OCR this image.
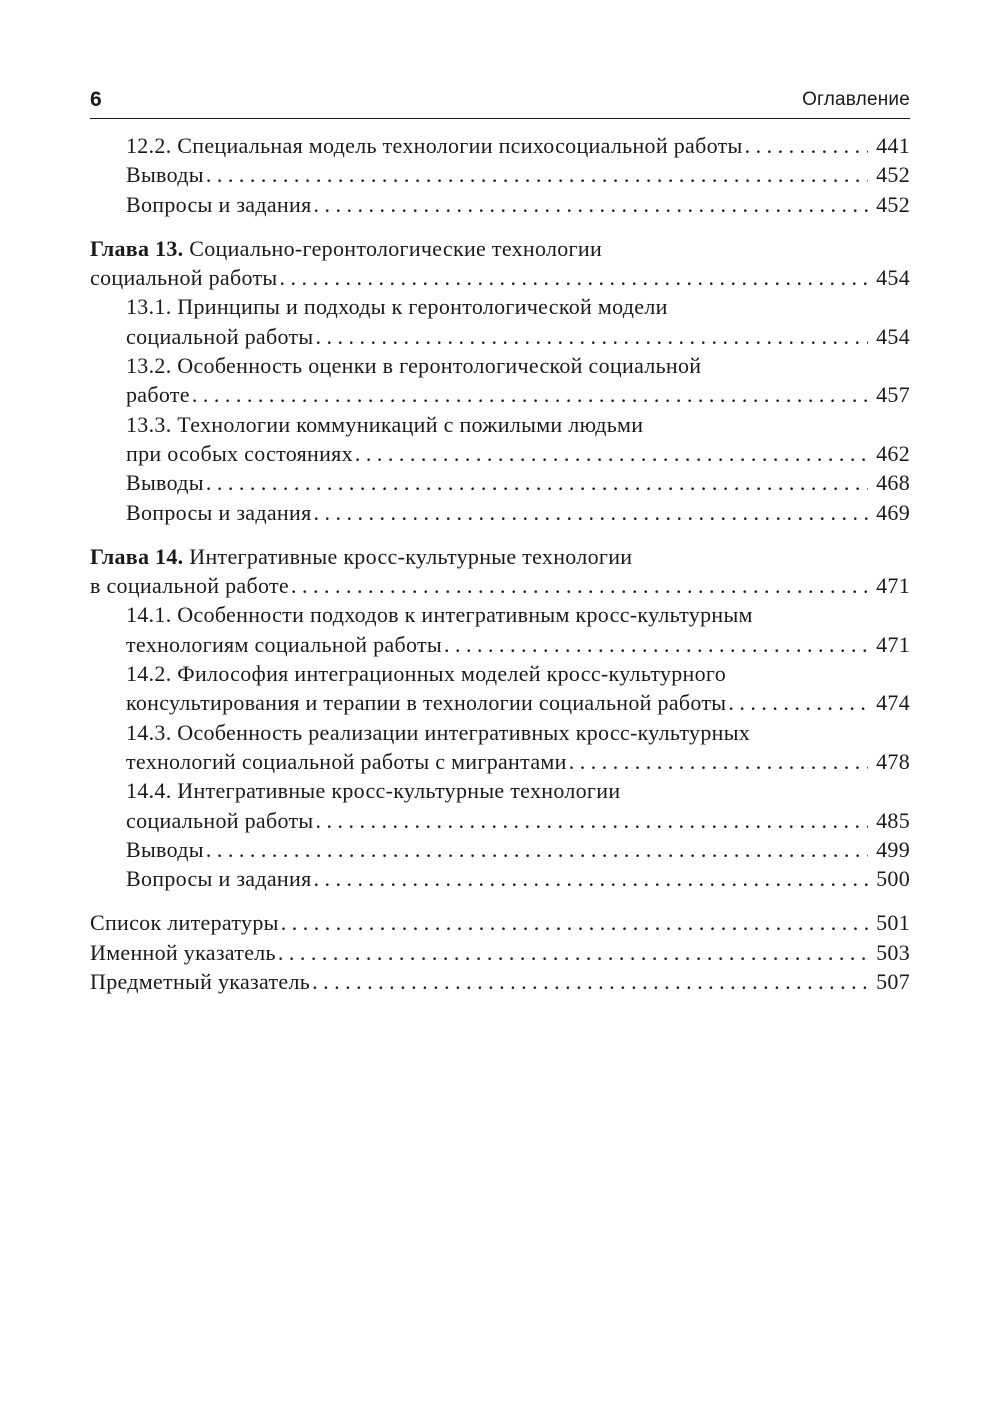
6	Оглавление
12.2. Специальная модель технологии психосоциальной работы . . .	441
Выводы . . .	452
Вопросы и задания . . .	452
Глава 13. Социально-геронтологические технологии
социальной работы . . .	454
13.1. Принципы и подходы к геронтологической модели
социальной работы . . .	454
13.2. Особенность оценки в геронтологической социальной
работе . . .	457
13.3. Технологии коммуникаций с пожилыми людьми
при особых состояниях . . .	462
Выводы . . .	468
Вопросы и задания . . .	469
Глава 14. Интегративные кросс-культурные технологии
в социальной работе . . .	471
14.1. Особенности подходов к интегративным кросс-культурным
технологиям социальной работы . . .	471
14.2. Философия интеграционных моделей кросс-культурного
консультирования и терапии в технологии социальной работы . . .	474
14.3. Особенность реализации интегративных кросс-культурных
технологий социальной работы с мигрантами . . .	478
14.4. Интегративные кросс-культурные технологии
социальной работы . . .	485
Выводы . . .	499
Вопросы и задания . . .	500
Список литературы . . .	501
Именной указатель . . .	503
Предметный указатель . . .	507
